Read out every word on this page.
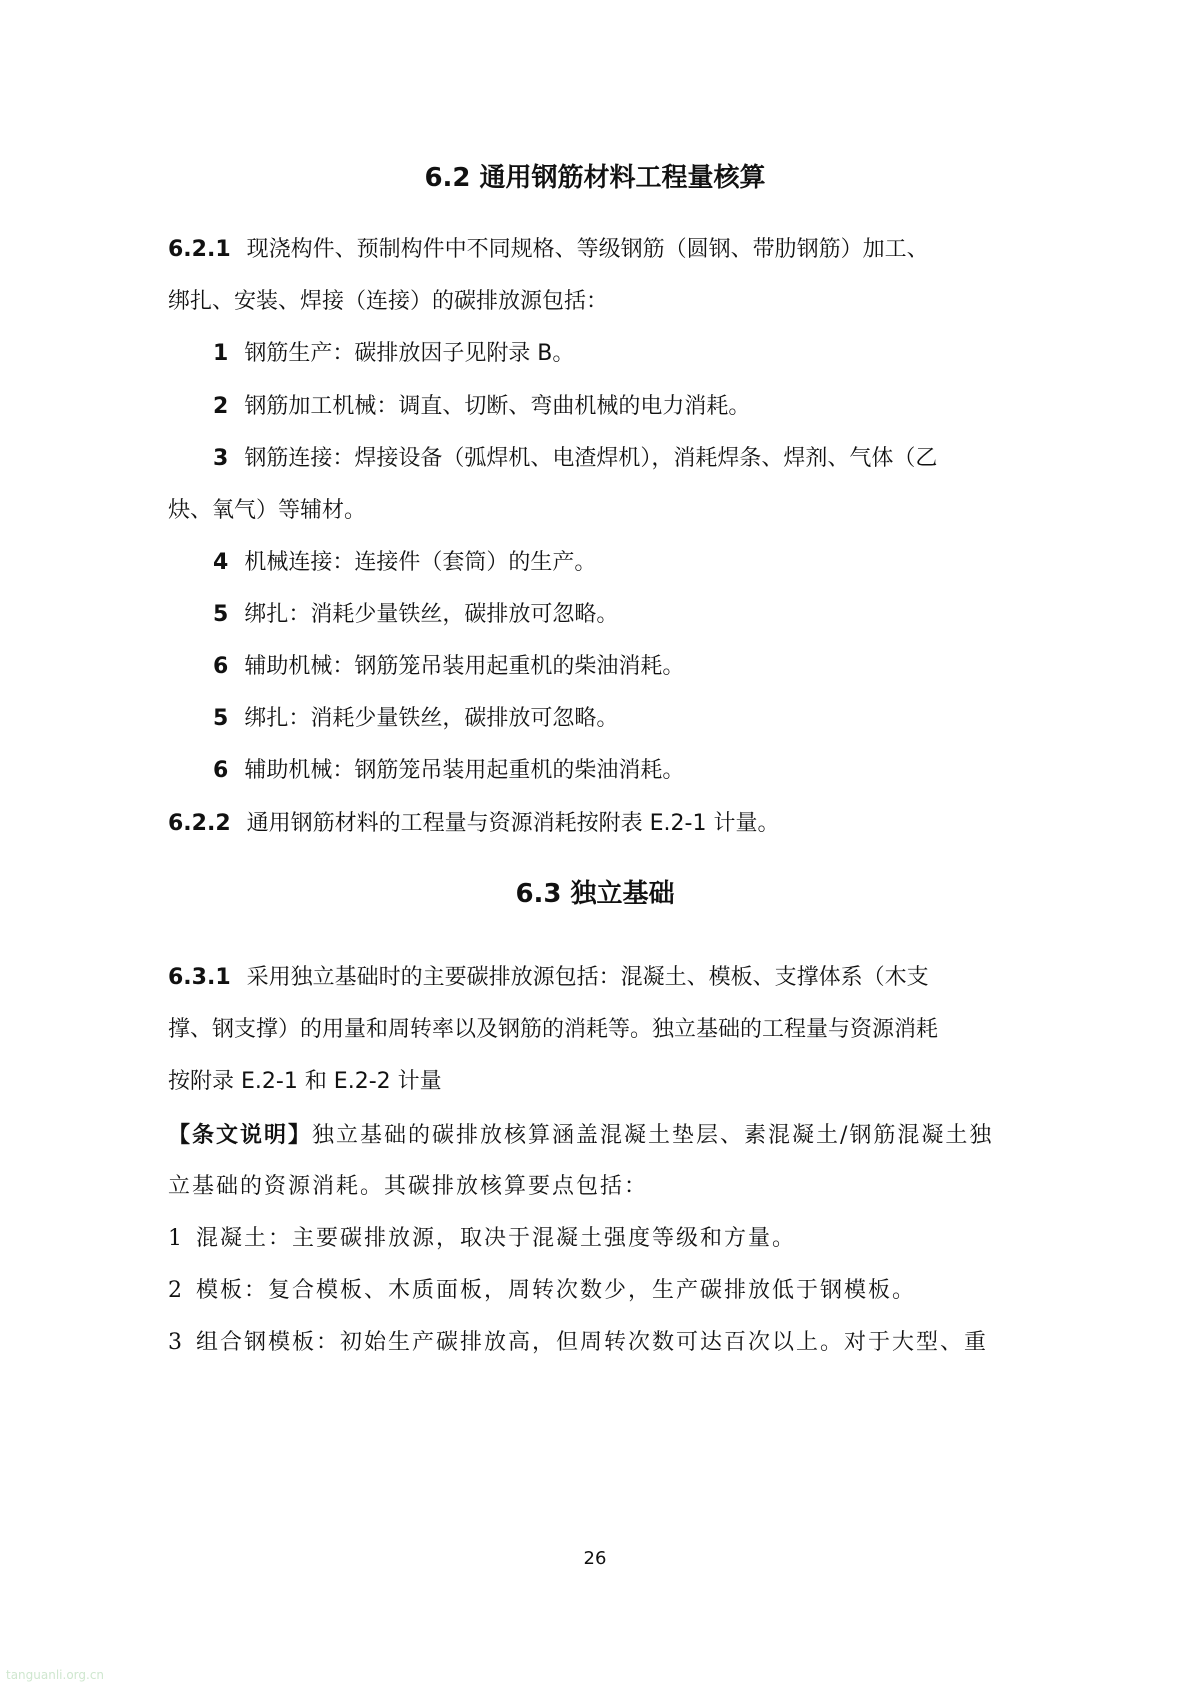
6.2 通用钢筋材料工程量核算
6.2.1 现浇构件、预制构件中不同规格、等级钢筋（圆钢、带肋钢筋）加工、
绑扎、安装、焊接（连接）的碳排放源包括：
1 钢筋生产：碳排放因子见附录 B。
2 钢筋加工机械：调直、切断、弯曲机械的电力消耗。
3 钢筋连接：焊接设备（弧焊机、电渣焊机），消耗焊条、焊剂、气体（乙
炔、氧气）等辅材。
4 机械连接：连接件（套筒）的生产。
5 绑扎：消耗少量铁丝，碳排放可忽略。
6 辅助机械：钢筋笼吊装用起重机的柴油消耗。
5 绑扎：消耗少量铁丝，碳排放可忽略。
6 辅助机械：钢筋笼吊装用起重机的柴油消耗。
6.2.2 通用钢筋材料的工程量与资源消耗按附表 E.2-1 计量。
6.3 独立基础
6.3.1 采用独立基础时的主要碳排放源包括：混凝土、模板、支撑体系（木支
撑、钢支撑）的用量和周转率以及钢筋的消耗等。独立基础的工程量与资源消耗
按附录 E.2-1 和 E.2-2 计量
【条文说明】独立基础的碳排放核算涵盖混凝土垫层、素混凝土/钢筋混凝土独
立基础的资源消耗。其碳排放核算要点包括：
1 混凝土：主要碳排放源，取决于混凝土强度等级和方量。
2 模板：复合模板、木质面板，周转次数少，生产碳排放低于钢模板。
3 组合钢模板：初始生产碳排放高，但周转次数可达百次以上。对于大型、重
26
tanguanli.org.cn
